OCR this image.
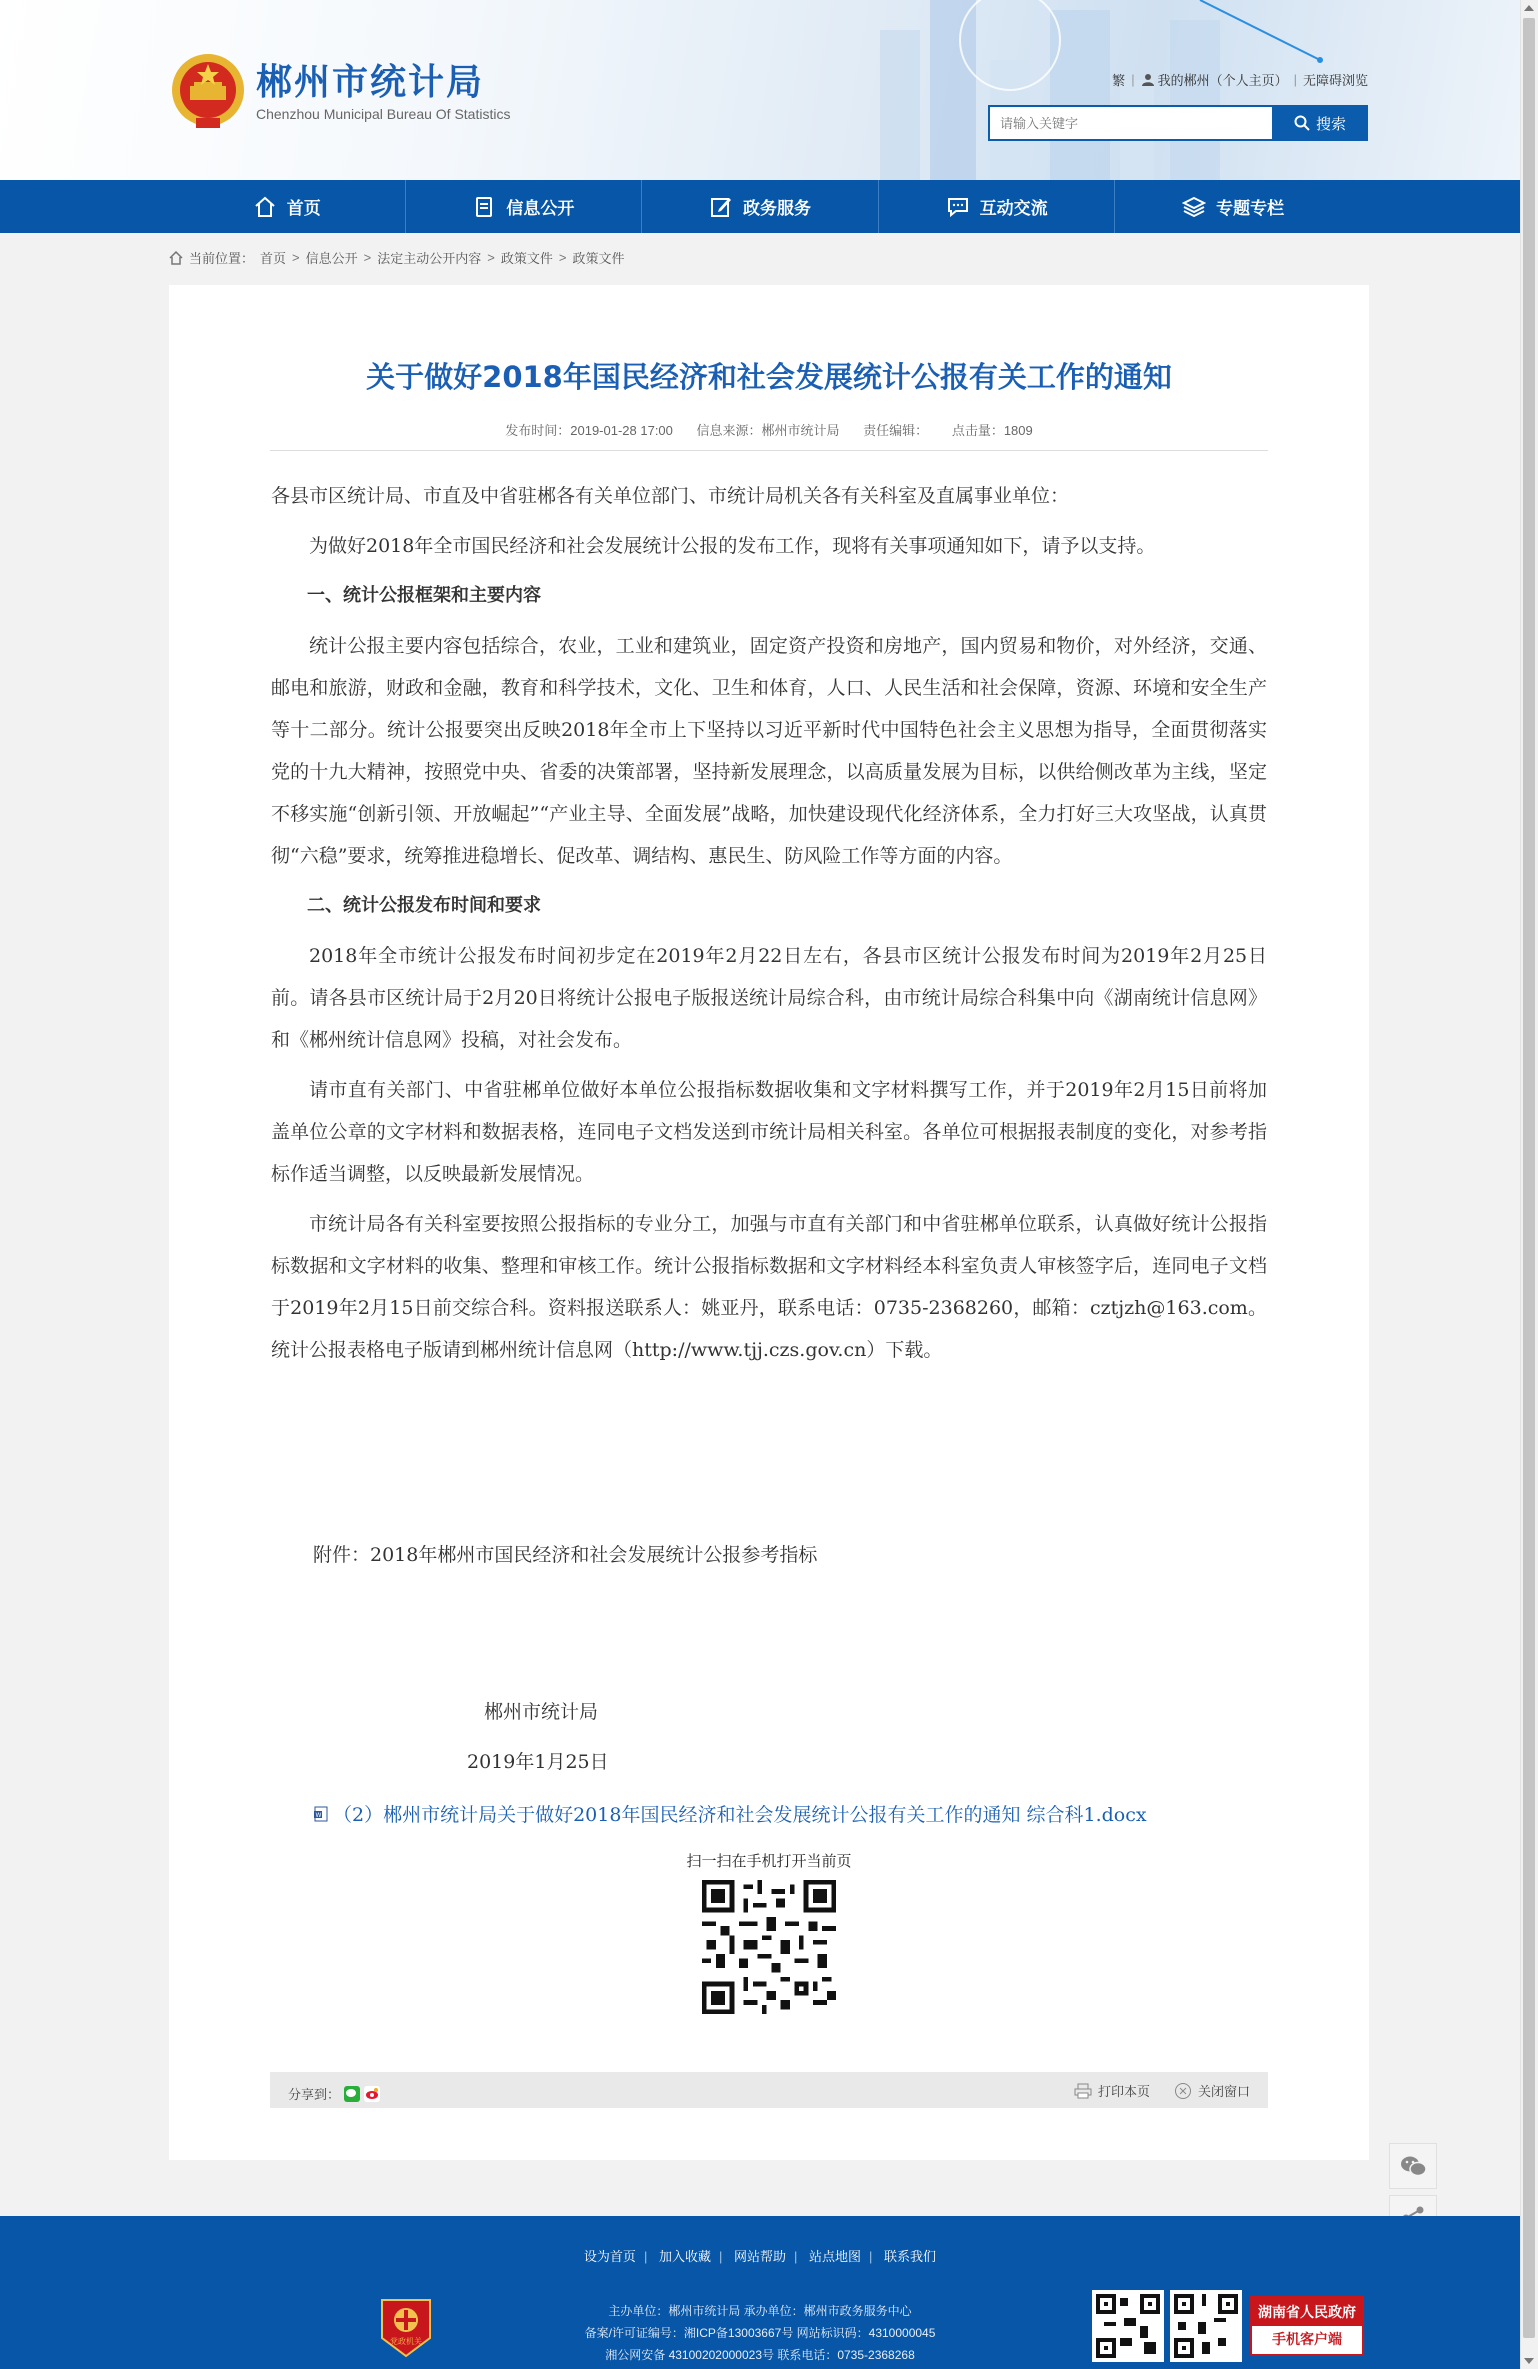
郴州市统计局
Chenzhou Municipal Bureau Of Statistics
繁 | 我的郴州（个人主页） | 无障碍浏览
请输入关键字
搜索
首页	信息公开	政务服务	互动交流	专题专栏
当前位置： 首页 > 信息公开 > 法定主动公开内容 > 政策文件 > 政策文件
关于做好2018年国民经济和社会发展统计公报有关工作的通知
发布时间：2019-01-28 17:00 信息来源：郴州市统计局 责任编辑： 点击量：1809

各县市区统计局、市直及中省驻郴各有关单位部门、市统计局机关各有关科室及直属事业单位：

为做好2018年全市国民经济和社会发展统计公报的发布工作，现将有关事项通知如下，请予以支持。

一、统计公报框架和主要内容

统计公报主要内容包括综合，农业，工业和建筑业，固定资产投资和房地产，国内贸易和物价，对外经济，交通、邮电和旅游，财政和金融，教育和科学技术，文化、卫生和体育，人口、人民生活和社会保障，资源、环境和安全生产等十二部分。统计公报要突出反映2018年全市上下坚持以习近平新时代中国特色社会主义思想为指导，全面贯彻落实党的十九大精神，按照党中央、省委的决策部署，坚持新发展理念，以高质量发展为目标，以供给侧改革为主线，坚定不移实施“创新引领、开放崛起”“产业主导、全面发展”战略，加快建设现代化经济体系，全力打好三大攻坚战，认真贯彻“六稳”要求，统筹推进稳增长、促改革、调结构、惠民生、防风险工作等方面的内容。

二、统计公报发布时间和要求

2018年全市统计公报发布时间初步定在2019年2月22日左右，各县市区统计公报发布时间为2019年2月25日前。请各县市区统计局于2月20日将统计公报电子版报送统计局综合科，由市统计局综合科集中向《湖南统计信息网》和《郴州统计信息网》投稿，对社会发布。

请市直有关部门、中省驻郴单位做好本单位公报指标数据收集和文字材料撰写工作，并于2019年2月15日前将加盖单位公章的文字材料和数据表格，连同电子文档发送到市统计局相关科室。各单位可根据报表制度的变化，对参考指标作适当调整，以反映最新发展情况。

市统计局各有关科室要按照公报指标的专业分工，加强与市直有关部门和中省驻郴单位联系，认真做好统计公报指标数据和文字材料的收集、整理和审核工作。统计公报指标数据和文字材料经本科室负责人审核签字后，连同电子文档于2019年2月15日前交综合科。资料报送联系人：姚亚丹，联系电话：0735-2368260，邮箱：cztjzh@163.com。统计公报表格电子版请到郴州统计信息网（http://www.tjj.czs.gov.cn）下载。

附件：2018年郴州市国民经济和社会发展统计公报参考指标
郴州市统计局
2019年1月25日
W （2）郴州市统计局关于做好2018年国民经济和社会发展统计公报有关工作的通知 综合科1.docx
扫一扫在手机打开当前页
分享到：	打印本页	关闭窗口
设为首页 | 加入收藏 | 网站帮助 | 站点地图 | 联系我们
党政机关
主办单位：郴州市统计局 承办单位：郴州市政务服务中心
备案/许可证编号：湘ICP备13003667号 网站标识码：4310000045
湘公网安备 43100202000023号 联系电话：0735-2368268
湖南省人民政府
手机客户端
